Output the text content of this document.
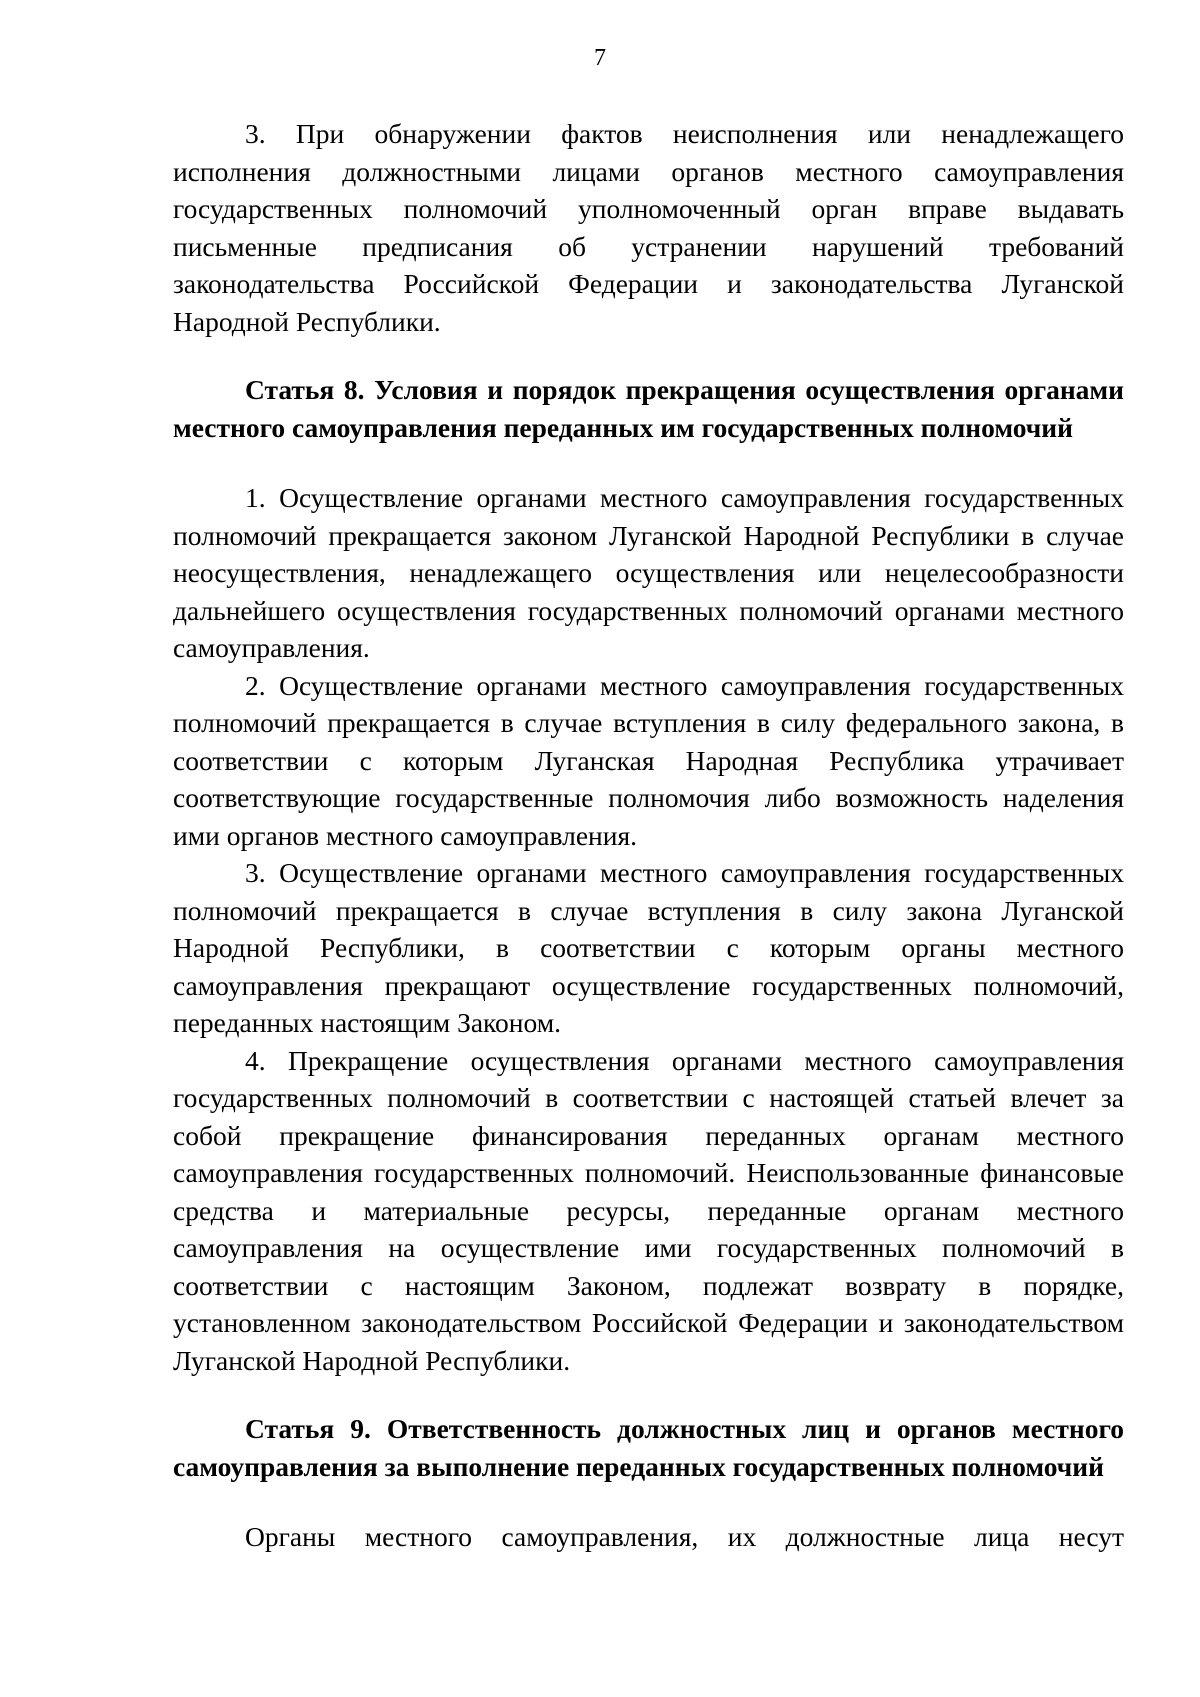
7

3. При обнаружении фактов неисполнения или ненадлежащего исполнения должностными лицами органов местного самоуправления государственных полномочий уполномоченный орган вправе выдавать письменные предписания об устранении нарушений требований законодательства Российской Федерации и законодательства Луганской Народной Республики.

Статья 8. Условия и порядок прекращения осуществления органами местного самоуправления переданных им государственных полномочий

1. Осуществление органами местного самоуправления государственных полномочий прекращается законом Луганской Народной Республики в случае неосуществления, ненадлежащего осуществления или нецелесообразности дальнейшего осуществления государственных полномочий органами местного самоуправления.

2. Осуществление органами местного самоуправления государственных полномочий прекращается в случае вступления в силу федерального закона, в соответствии с которым Луганская Народная Республика утрачивает соответствующие государственные полномочия либо возможность наделения ими органов местного самоуправления.

3. Осуществление органами местного самоуправления государственных полномочий прекращается в случае вступления в силу закона Луганской Народной Республики, в соответствии с которым органы местного самоуправления прекращают осуществление государственных полномочий, переданных настоящим Законом.

4. Прекращение осуществления органами местного самоуправления государственных полномочий в соответствии с настоящей статьей влечет за собой прекращение финансирования переданных органам местного самоуправления государственных полномочий. Неиспользованные финансовые средства и материальные ресурсы, переданные органам местного самоуправления на осуществление ими государственных полномочий в соответствии с настоящим Законом, подлежат возврату в порядке, установленном законодательством Российской Федерации и законодательством Луганской Народной Республики.

Статья 9. Ответственность должностных лиц и органов местного самоуправления за выполнение переданных государственных полномочий

Органы местного самоуправления, их должностные лица несут
